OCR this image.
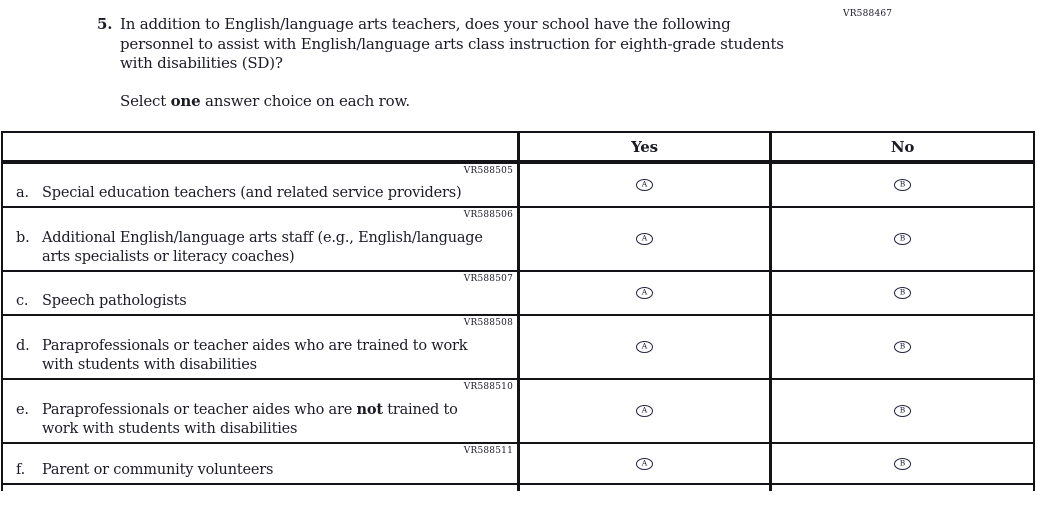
VR588467
5. In addition to English/language arts teachers, does your school have the following
personnel to assist with English/language arts class instruction for eighth-grade students
with disabilities (SD)?
Select one answer choice on each row.
Yes	No
VR588505
a. Special education teachers (and related service providers)
A	B
VR588506
b. Additional English/language arts staff (e.g., English/language
arts specialists or literacy coaches)
A	B
VR588507
c. Speech pathologists
A	B
VR588508
d. Paraprofessionals or teacher aides who are trained to work
with students with disabilities
A	B
VR588510
e. Paraprofessionals or teacher aides who are not trained to
work with students with disabilities
A	B
VR588511
f. Parent or community volunteers	A	B
